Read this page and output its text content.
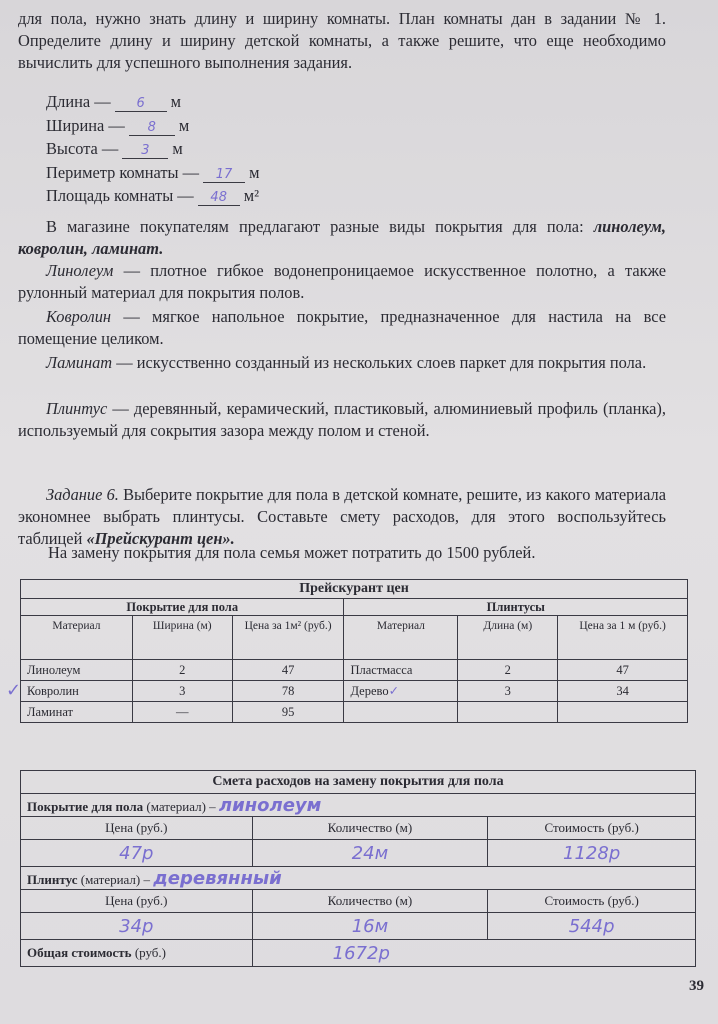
для пола, нужно знать длину и ширину комнаты. План комнаты дан в задании № 1. Определите длину и ширину детской комнаты, а также решите, что еще необходимо вычислить для успешного выполнения задания.
Длина —	6	м
Ширина —	8	м
Высота —	3	м
Периметр комнаты —	17	м
Площадь комнаты —	48	м²
В магазине покупателям предлагают разные виды покрытия для пола: линолеум, ковролин, ламинат.
Линолеум — плотное гибкое водонепроницаемое искусственное полотно, а также рулонный материал для покрытия полов.
Ковролин — мягкое напольное покрытие, предназначенное для настила на все помещение целиком.
Ламинат — искусственно созданный из нескольких слоев паркет для покрытия пола.
Плинтус — деревянный, керамический, пластиковый, алюминиевый профиль (планка), используемый для сокрытия зазора между полом и стеной.
Задание 6. Выберите покрытие для пола в детской комнате, решите, из какого материала экономнее выбрать плинтусы. Составьте смету расходов, для этого воспользуйтесь таблицей «Прейскурант цен».
На замену покрытия для пола семья может потратить до 1500 рублей.
Прейскурант цен					
Покрытие для пола			Плинтусы		
Материал	Ширина (м)	Цена за 1м² (руб.)	Материал	Длина (м)	Цена за 1 м (руб.)
Линолеум	2	47	Пластмасса	2	47
Ковролин	3	78	Дерево✓	3	34
Ламинат	—	95			
✓
Смета расходов на замену покрытия для пола		
Покрытие для пола (материал) – линолеум		
Цена (руб.)	Количество (м)	Стоимость (руб.)
47р	24м	1128р
Плинтус (материал) – деревянный		
Цена (руб.)	Количество (м)	Стоимость (руб.)
34р	16м	544р
Общая стоимость (руб.)	1672р	
39
